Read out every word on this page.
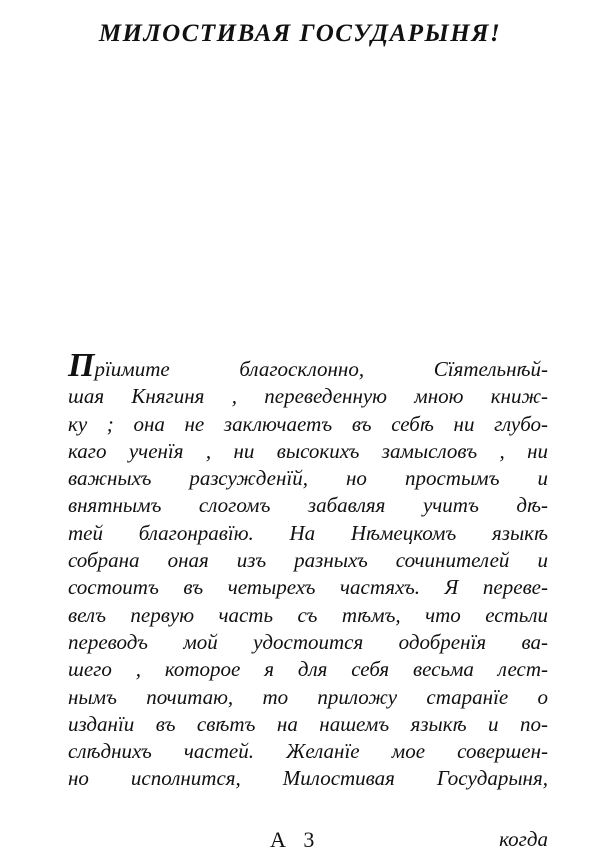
МИЛОСТИВАЯ ГОСУДАРЫНЯ!
Прїимите благосклонно, Сїятельнѣй-
шая Княгиня , переведенную мною книж-
ку ; она не заключаетъ въ себѣ ни глубо-
каго ученїя , ни высокихъ замысловъ , ни
важныхъ разсужденїй, но простымъ и
внятнымъ слогомъ забавляя учитъ дѣ-
тей благонравїю. На Нѣмецкомъ языкѣ
собрана оная изъ разныхъ сочинителей и
состоитъ въ четырехъ частяхъ. Я переве-
велъ первую часть съ тѣмъ, что естьли
переводъ мой удостоится одобренїя ва-
шего , которое я для себя весьма лест-
нымъ почитаю, то приложу старанїе о
изданїи въ свѣтъ на нашемъ языкѣ и по-
слѣднихъ частей. Желанїе мое совершен-
но исполнится, Милостивая Государыня,
А 3	когда
